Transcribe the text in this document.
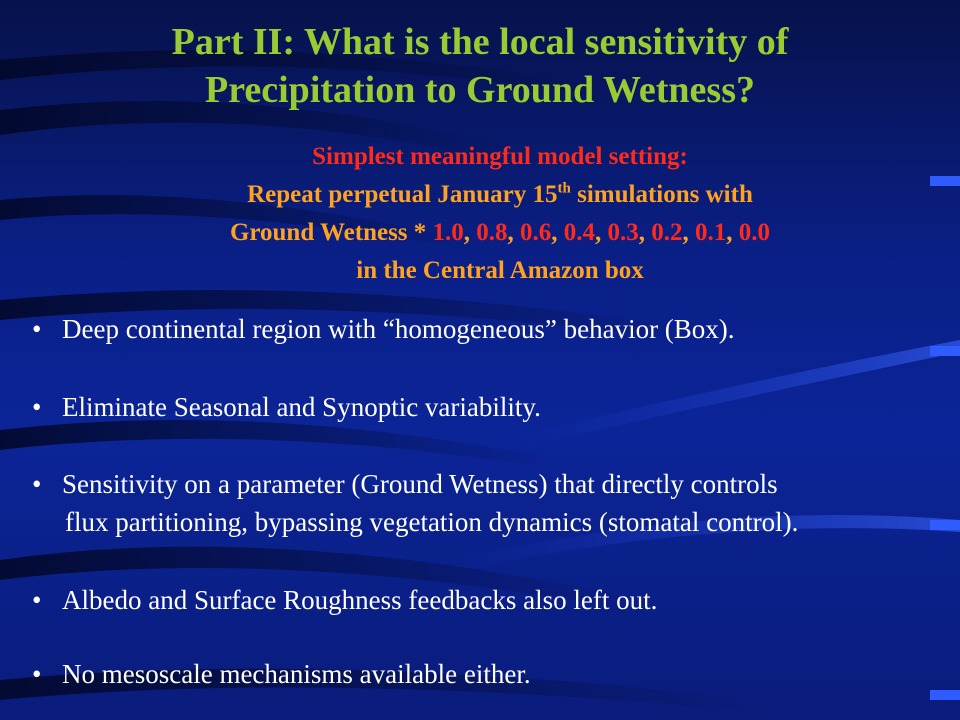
Part II: What is the local sensitivity of
Precipitation to Ground Wetness?
Simplest meaningful model setting:
Repeat perpetual January 15th simulations with
Ground Wetness * 1.0, 0.8, 0.6, 0.4, 0.3, 0.2, 0.1, 0.0
in the Central Amazon box
• Deep continental region with “homogeneous” behavior (Box).
• Eliminate Seasonal and Synoptic variability.
• Sensitivity on a parameter (Ground Wetness) that directly controls
flux partitioning, bypassing vegetation dynamics (stomatal control).
• Albedo and Surface Roughness feedbacks also left out.
• No mesoscale mechanisms available either.
